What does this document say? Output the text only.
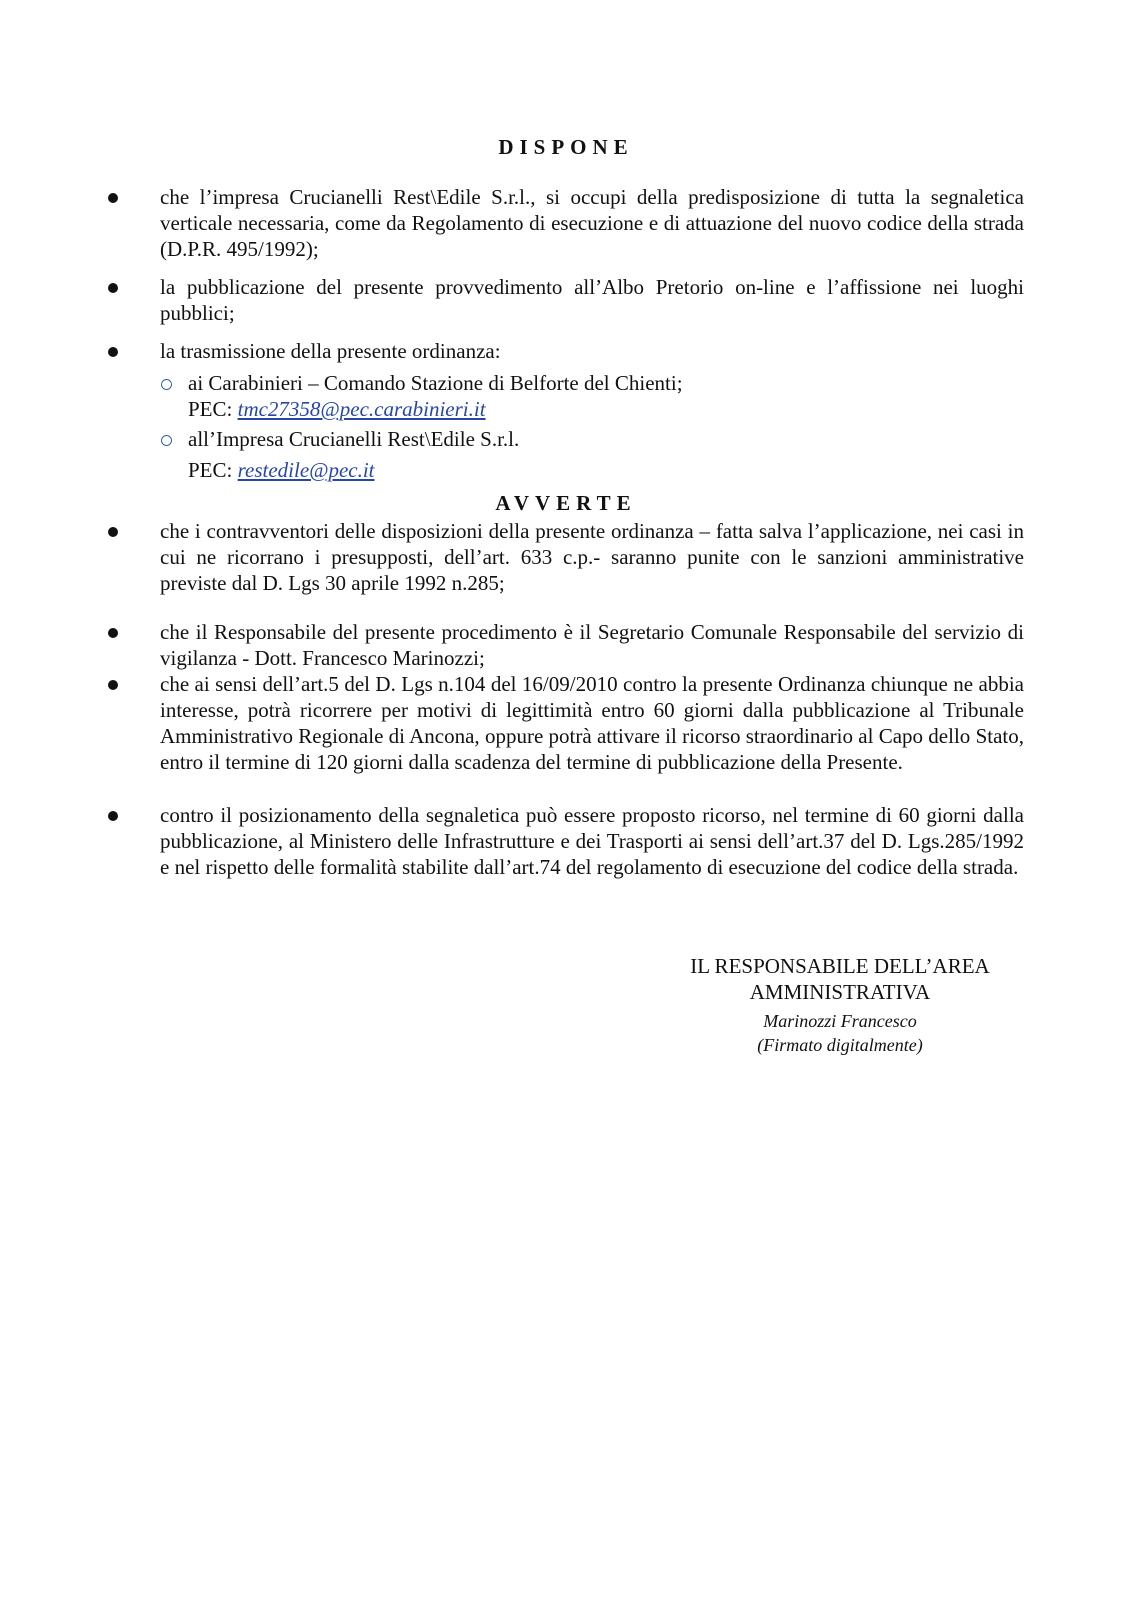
DISPONE
che l’impresa Crucianelli Rest\Edile S.r.l., si occupi della predisposizione di tutta la segnaletica verticale necessaria, come da Regolamento di esecuzione e di attuazione del nuovo codice della strada (D.P.R. 495/1992);
la pubblicazione del presente provvedimento all’Albo Pretorio on-line e l’affissione nei luoghi pubblici;
la trasmissione della presente ordinanza:
ai Carabinieri – Comando Stazione di Belforte del Chienti;
PEC: tmc27358@pec.carabinieri.it
all’Impresa Crucianelli Rest\Edile S.r.l.
PEC: restedile@pec.it
AVVERTE
che i contravventori delle disposizioni della presente ordinanza – fatta salva l’applicazione, nei casi in cui ne ricorrano i presupposti, dell’art. 633 c.p.- saranno punite con le sanzioni amministrative previste dal D. Lgs 30 aprile 1992 n.285;
che il Responsabile del presente procedimento è il Segretario Comunale Responsabile del servizio di vigilanza - Dott. Francesco Marinozzi;
che ai sensi dell’art.5 del D. Lgs n.104 del 16/09/2010 contro la presente Ordinanza chiunque ne abbia interesse, potrà ricorrere per motivi di legittimità entro 60 giorni dalla pubblicazione al Tribunale Amministrativo Regionale di Ancona, oppure potrà attivare il ricorso straordinario al Capo dello Stato, entro il termine di 120 giorni dalla scadenza del termine di pubblicazione della Presente.
contro il posizionamento della segnaletica può essere proposto ricorso, nel termine di 60 giorni dalla pubblicazione, al Ministero delle Infrastrutture e dei Trasporti ai sensi dell’art.37 del D. Lgs.285/1992 e nel rispetto delle formalità stabilite dall’art.74 del regolamento di esecuzione del codice della strada.
IL RESPONSABILE DELL’AREA
AMMINISTRATIVA
Marinozzi Francesco
(Firmato digitalmente)
